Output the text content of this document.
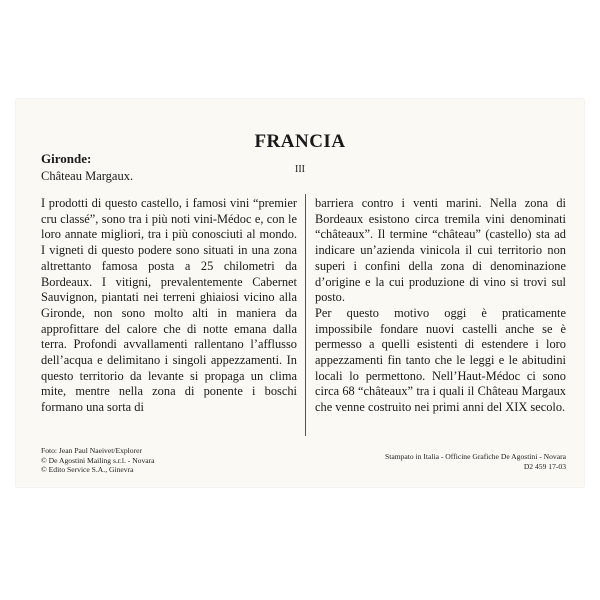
FRANCIA
III
Gironde:
Château Margaux.

I prodotti di questo castello, i famosi vini “premier cru classé”, sono tra i più noti vini-Médoc e, con le loro annate migliori, tra i più conosciuti al mondo. I vigneti di questo podere sono situati in una zona altrettanto famosa posta a 25 chilometri da Bordeaux. I vitigni, prevalentemente Cabernet Sauvignon, piantati nei terreni ghiaiosi vicino alla Gironde, non sono molto alti in maniera da approfittare del calore che di notte emana dalla terra. Profondi avvallamenti rallentano l’afflusso dell’acqua e delimitano i singoli appezzamenti. In questo territorio da levante si propaga un clima mite, mentre nella zona di ponente i boschi formano una sorta di

barriera contro i venti marini. Nella zona di Bordeaux esistono circa tremila vini denominati “châteaux”. Il termine “château” (castello) sta ad indicare un’azienda vinicola il cui territorio non superi i confini della zona di denominazione d’origine e la cui produzione di vino si trovi sul posto.

Per questo motivo oggi è praticamente impossibile fondare nuovi castelli anche se è permesso a quelli esistenti di estendere i loro appezzamenti fin tanto che le leggi e le abitudini locali lo permettono. Nell’Haut-Médoc ci sono circa 68 “châteaux” tra i quali il Château Margaux che venne costruito nei primi anni del XIX secolo.

Foto: Jean Paul Naeivet/Explorer
© De Agostini Mailing s.r.l. - Novara
© Edito Service S.A., Ginevra
Stampato in Italia - Officine Grafiche De Agostini - Novara
D2 459 17-03
